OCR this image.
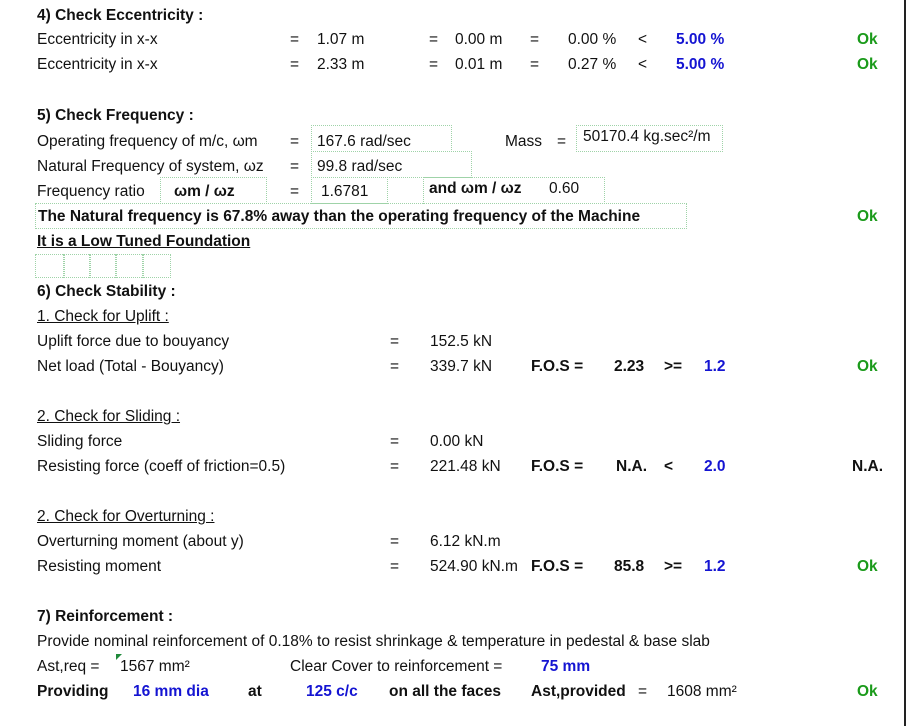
4) Check Eccentricity :
Eccentricity in x-x	= 1.07 m	= 0.00 m = 0.00 % < 5.00 %	Ok
Eccentricity in x-x	= 2.33 m	= 0.01 m = 0.27 % < 5.00 %	Ok
5) Check Frequency :
Operating frequency of m/c, ωm = 167.6 rad/sec	Mass = 50170.4 kg.sec²/m
Natural Frequency of system, ωz = 99.8 rad/sec
Frequency ratio ωm / ωz	= 1.6781	and ωm / ωz 0.60
The Natural frequency is 67.8% away than the operating frequency of the Machine	Ok
It is a Low Tuned Foundation
6) Check Stability :
1. Check for Uplift :
Uplift force due to bouyancy	= 152.5 kN
Net load (Total - Bouyancy)	= 339.7 kN	F.O.S = 2.23 >= 1.2	Ok
2. Check for Sliding :
Sliding force	= 0.00 kN
Resisting force (coeff of friction=0.5)	= 221.48 kN F.O.S = N.A. < 2.0	N.A.
2. Check for Overturning :
Overturning moment (about y)	= 6.12 kN.m
Resisting moment	= 524.90 kN.m F.O.S = 85.8 >= 1.2	Ok
7) Reinforcement :
Provide nominal reinforcement of 0.18% to resist shrinkage & temperature in pedestal & base slab
Ast,req = 1567 mm²	Clear Cover to reinforcement = 75 mm
Providing 16 mm dia	at	125 c/c on all the faces Ast,provided = 1608 mm²	Ok
